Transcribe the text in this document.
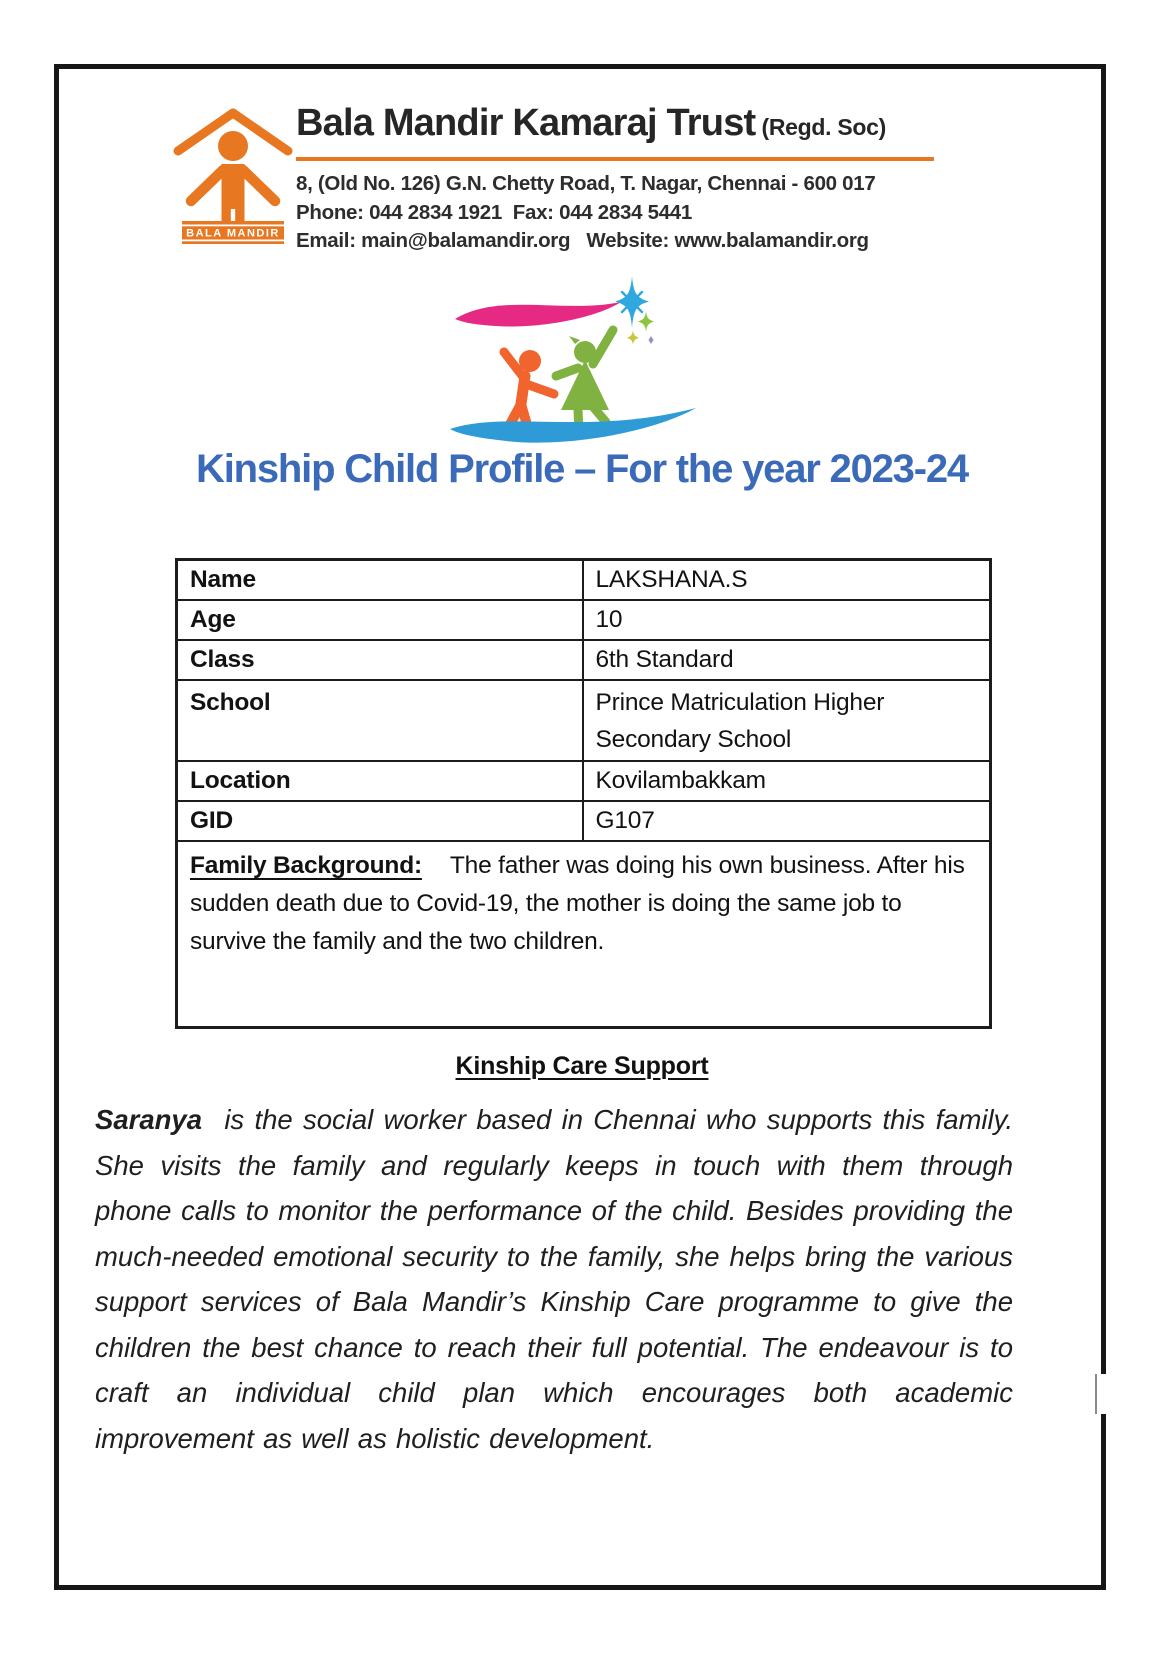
BALA MANDIR
Bala Mandir Kamaraj Trust (Regd. Soc)
8, (Old No. 126) G.N. Chetty Road, T. Nagar, Chennai - 600 017
Phone: 044 2834 1921  Fax: 044 2834 5441
Email: main@balamandir.org   Website: www.balamandir.org
Kinship Child Profile – For the year 2023-24
Name	LAKSHANA.S
Age	10
Class	6th Standard
School	Prince Matriculation Higher Secondary School
Location	Kovilambakkam
GID	G107
Family Background: The father was doing his own business. After his sudden death due to Covid-19, the mother is doing the same job to survive the family and the two children.	
Kinship Care Support

Saranya is the social worker based in Chennai who supports this family. She visits the family and regularly keeps in touch with them through phone calls to monitor the performance of the child. Besides providing the much-needed emotional security to the family, she helps bring the various support services of Bala Mandir’s Kinship Care programme to give the children the best chance to reach their full potential. The endeavour is to craft an individual child plan which encourages both academic improvement as well as holistic development.
